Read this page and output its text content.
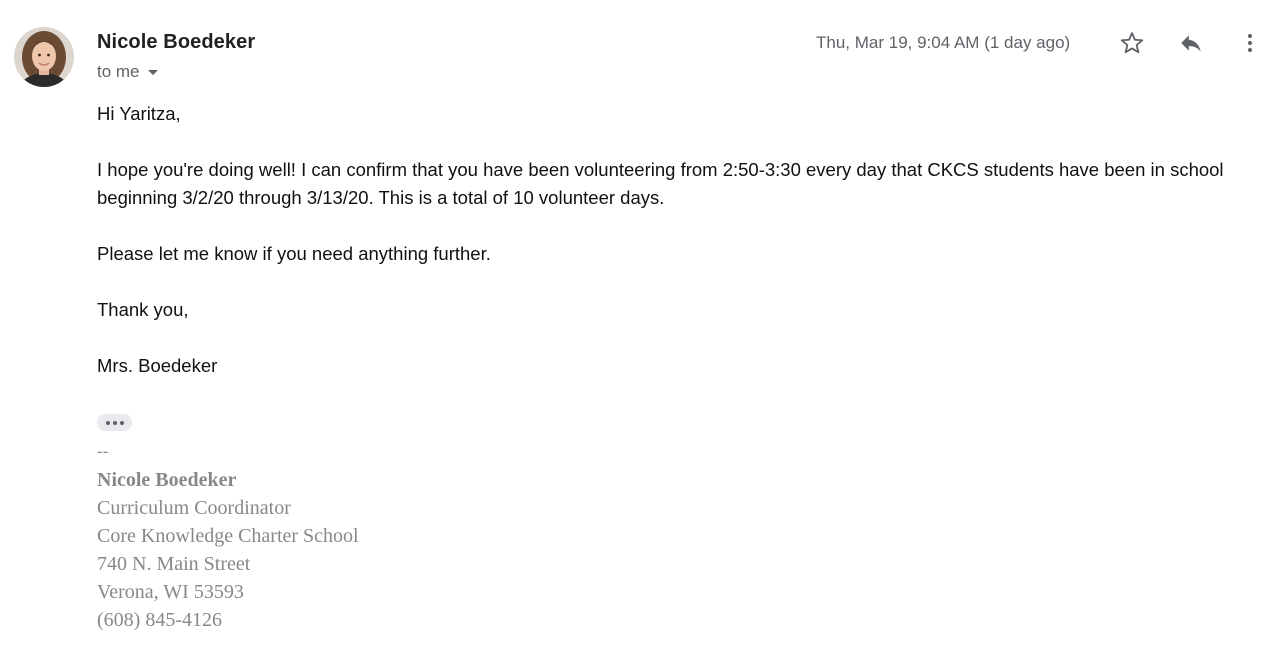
Nicole Boedeker
to me
Thu, Mar 19, 9:04 AM (1 day ago)

Hi Yaritza,

I hope you're doing well! I can confirm that you have been volunteering from 2:50-3:30 every day that CKCS students have been in school beginning 3/2/20 through 3/13/20. This is a total of 10 volunteer days.

Please let me know if you need anything further.

Thank you,

Mrs. Boedeker

--
Nicole Boedeker
Curriculum Coordinator
Core Knowledge Charter School
740 N. Main Street
Verona, WI 53593
(608) 845-4126
